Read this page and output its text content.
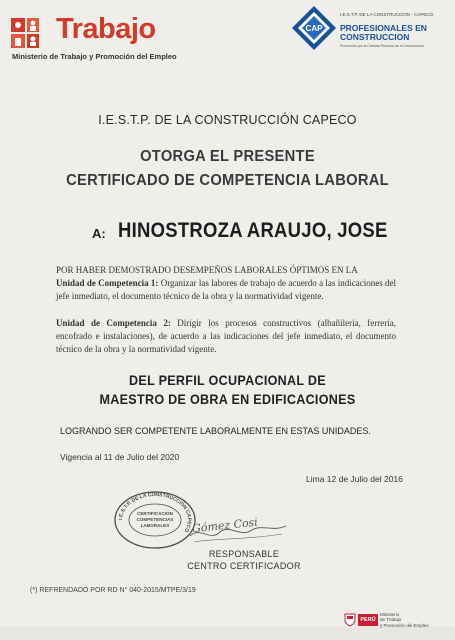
Trabajo
Ministerio de Trabajo y Promoción del Empleo
CAP
I.E.S.T.P. DE LA CONSTRUCCION - CAPECO
PROFESIONALES EN CONSTRUCCION
Promovido por la Cámara Peruana de la Construcción
I.E.S.T.P. DE LA CONSTRUCCIÓN CAPECO
OTORGA EL PRESENTE
CERTIFICADO DE COMPETENCIA LABORAL
A: HINOSTROZA ARAUJO, JOSE
POR HABER DEMOSTRADO DESEMPEÑOS LABORALES ÓPTIMOS EN LA
Unidad de Competencia 1: Organizar las labores de trabajo de acuerdo a las indicaciones del jefe inmediato, el documento técnico de la obra y la normatividad vigente.
Unidad de Competencia 2: Dirigir los procesos constructivos (albañilería, ferrería, encofrado e instalaciones), de acuerdo a las indicaciones del jefe inmediato, el documento técnico de la obra y la normatividad vigente.
DEL PERFIL OCUPACIONAL DE
MAESTRO DE OBRA EN EDIFICACIONES
LOGRANDO SER COMPETENTE LABORALMENTE EN ESTAS UNIDADES.
Vigencia al 11 de Julio del 2020
Lima 12 de Julio del 2016
I.E.S.T.P. DE LA CONSTRUCCIÓN CAPECO
CERTIFICACIÓN
COMPETENCIAS
LABORALES Gómez Cosi
RESPONSABLE
CENTRO CERTIFICADOR
(*) REFRENDADO POR RD N° 040-2015/MTPE/3/19
PERÚ
Ministerio
de Trabajo
y Promoción del Empleo
